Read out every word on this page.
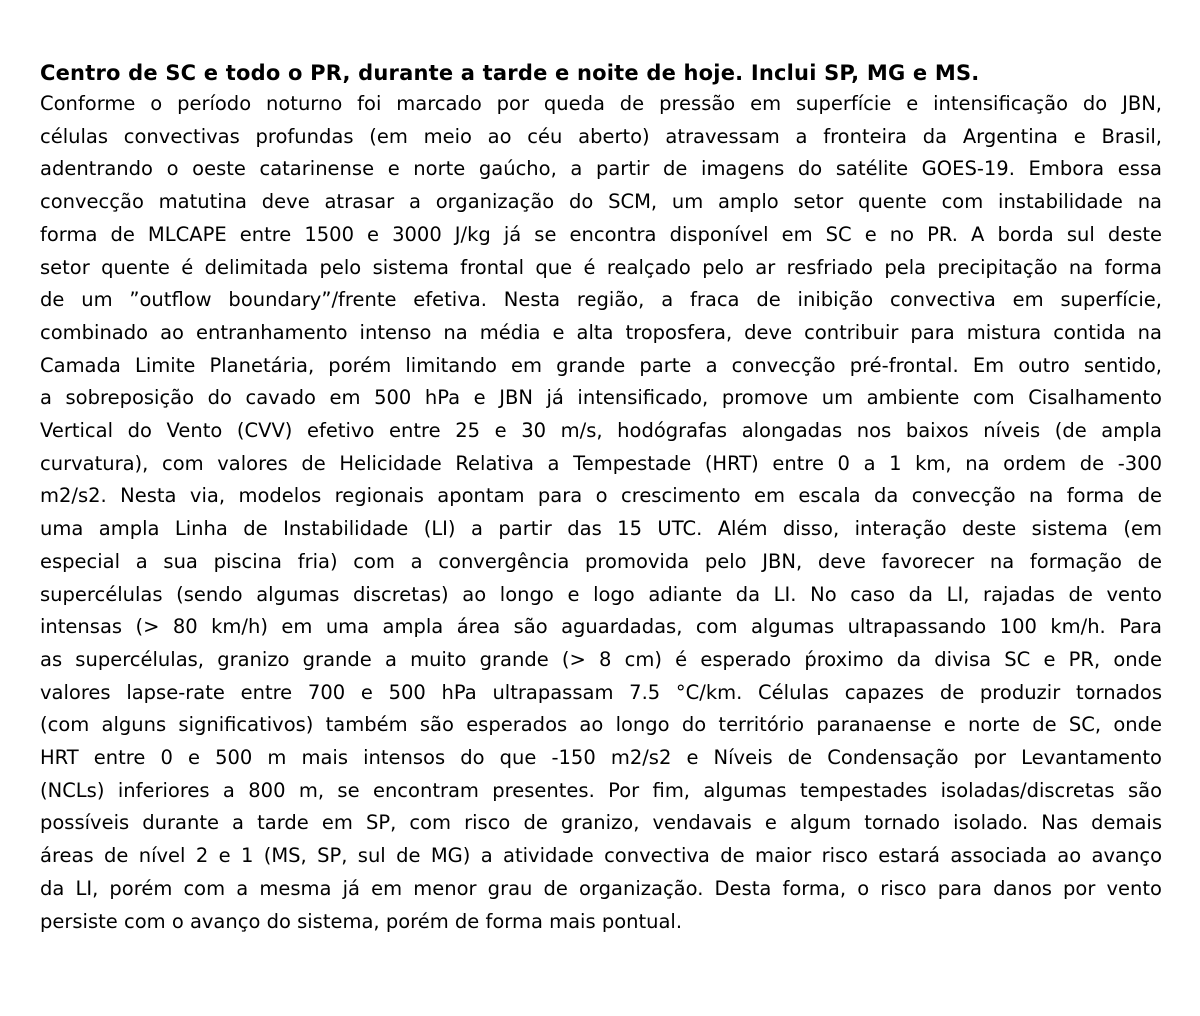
Centro de SC e todo o PR, durante a tarde e noite de hoje. Inclui SP, MG e MS.
Conforme o período noturno foi marcado por queda de pressão em superfície e intensificação do JBN,
células convectivas profundas (em meio ao céu aberto) atravessam a fronteira da Argentina e Brasil,
adentrando o oeste catarinense e norte gaúcho, a partir de imagens do satélite GOES-19. Embora essa
convecção matutina deve atrasar a organização do SCM, um amplo setor quente com instabilidade na
forma de MLCAPE entre 1500 e 3000 J/kg já se encontra disponível em SC e no PR. A borda sul deste
setor quente é delimitada pelo sistema frontal que é realçado pelo ar resfriado pela precipitação na forma
de um ”outflow boundary”/frente efetiva. Nesta região, a fraca de inibição convectiva em superfície,
combinado ao entranhamento intenso na média e alta troposfera, deve contribuir para mistura contida na
Camada Limite Planetária, porém limitando em grande parte a convecção pré-frontal. Em outro sentido,
a sobreposição do cavado em 500 hPa e JBN já intensificado, promove um ambiente com Cisalhamento
Vertical do Vento (CVV) efetivo entre 25 e 30 m/s, hodógrafas alongadas nos baixos níveis (de ampla
curvatura), com valores de Helicidade Relativa a Tempestade (HRT) entre 0 a 1 km, na ordem de -300
m2/s2. Nesta via, modelos regionais apontam para o crescimento em escala da convecção na forma de
uma ampla Linha de Instabilidade (LI) a partir das 15 UTC. Além disso, interação deste sistema (em
especial a sua piscina fria) com a convergência promovida pelo JBN, deve favorecer na formação de
supercélulas (sendo algumas discretas) ao longo e logo adiante da LI. No caso da LI, rajadas de vento
intensas (> 80 km/h) em uma ampla área são aguardadas, com algumas ultrapassando 100 km/h. Para
as supercélulas, granizo grande a muito grande (> 8 cm) é esperado ṕroximo da divisa SC e PR, onde
valores lapse-rate entre 700 e 500 hPa ultrapassam 7.5 °C/km. Células capazes de produzir tornados
(com alguns significativos) também são esperados ao longo do território paranaense e norte de SC, onde
HRT entre 0 e 500 m mais intensos do que -150 m2/s2 e Níveis de Condensação por Levantamento
(NCLs) inferiores a 800 m, se encontram presentes. Por fim, algumas tempestades isoladas/discretas são
possíveis durante a tarde em SP, com risco de granizo, vendavais e algum tornado isolado. Nas demais
áreas de nível 2 e 1 (MS, SP, sul de MG) a atividade convectiva de maior risco estará associada ao avanço
da LI, porém com a mesma já em menor grau de organização. Desta forma, o risco para danos por vento
persiste com o avanço do sistema, porém de forma mais pontual.
